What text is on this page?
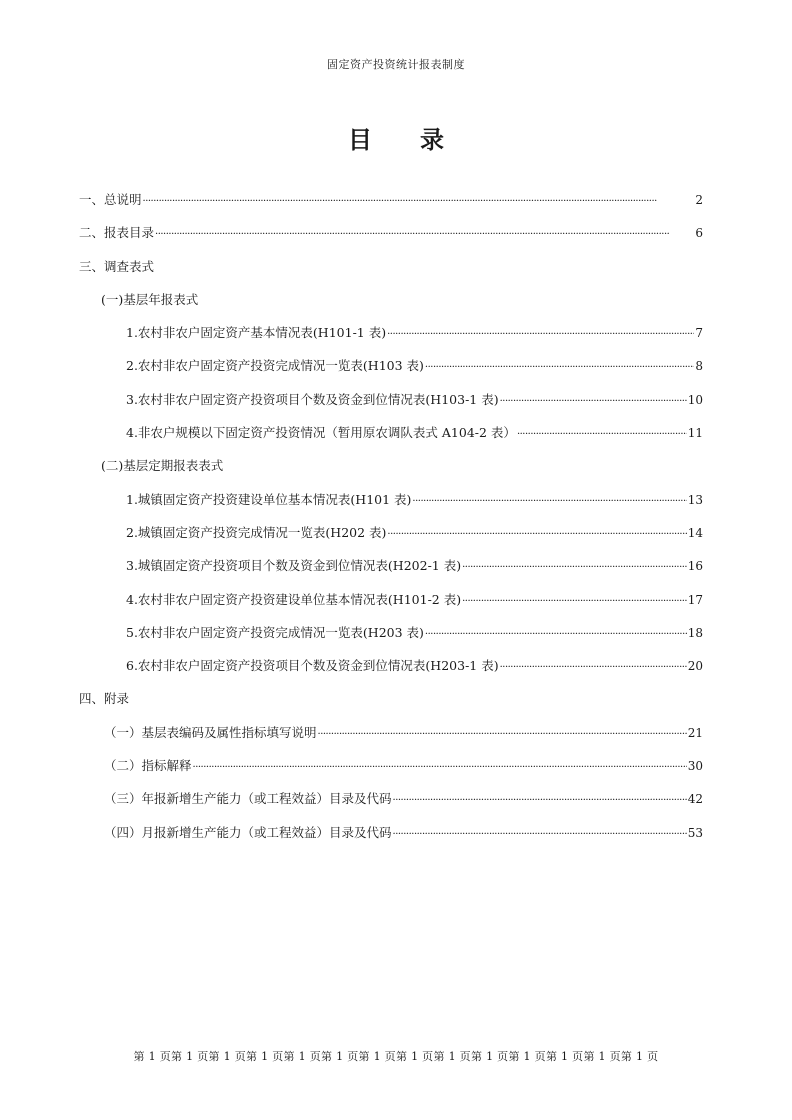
固定资产投资统计报表制度
目录
一、总说明 ·····	2
二、报表目录 ·····	6
三、调查表式
(一)基层年报表式
1.农村非农户固定资产基本情况表(H101-1 表) ·····	7
2.农村非农户固定资产投资完成情况一览表(H103 表) ·····	8
3.农村非农户固定资产投资项目个数及资金到位情况表(H103-1 表) ·····	10
4.非农户规模以下固定资产投资情况（暂用原农调队表式 A104-2 表） ·····	11
(二)基层定期报表表式
1.城镇固定资产投资建设单位基本情况表(H101 表) ·····	13
2.城镇固定资产投资完成情况一览表(H202 表) ·····	14
3.城镇固定资产投资项目个数及资金到位情况表(H202-1 表) ·····	16
4.农村非农户固定资产投资建设单位基本情况表(H101-2 表) ·····	17
5.农村非农户固定资产投资完成情况一览表(H203 表) ·····	18
6.农村非农户固定资产投资项目个数及资金到位情况表(H203-1 表) ·····	20
四、附录
（一）基层表编码及属性指标填写说明 ·····	21
（二）指标解释 ·····	30
（三）年报新增生产能力（或工程效益）目录及代码 ·····	42
（四）月报新增生产能力（或工程效益）目录及代码 ·····	53
第 1 页第 1 页第 1 页第 1 页第 1 页第 1 页第 1 页第 1 页第 1 页第 1 页第 1 页第 1 页第 1 页第 1 页
